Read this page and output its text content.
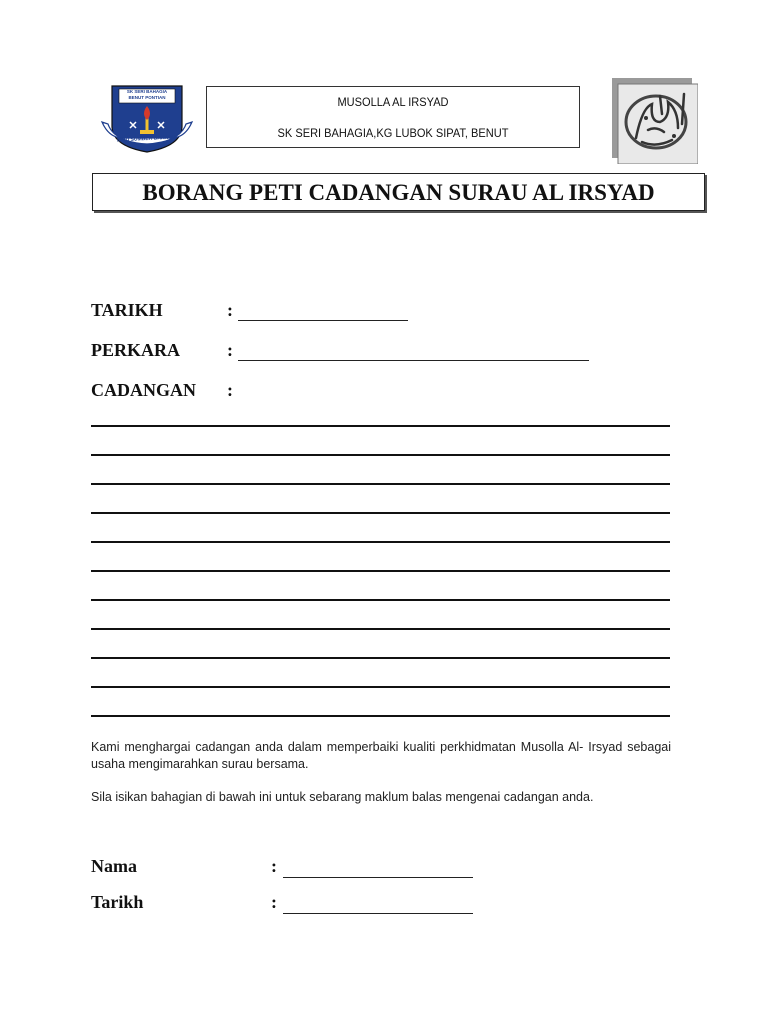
SK SERI BAHAGIA BENUT PONTIAN
ILMU SUMBER BAHAGIA
MUSOLLA AL IRSYAD
SK SERI BAHAGIA,KG LUBOK SIPAT, BENUT
BORANG PETI CADANGAN SURAU AL IRSYAD
TARIKH	:
PERKARA	:
CADANGAN :
Kami menghargai cadangan anda dalam memperbaiki kualiti perkhidmatan Musolla Al- Irsyad sebagai usaha mengimarahkan surau bersama.
Sila isikan bahagian di bawah ini untuk sebarang maklum balas mengenai cadangan anda.
Nama	:
Tarikh	:
